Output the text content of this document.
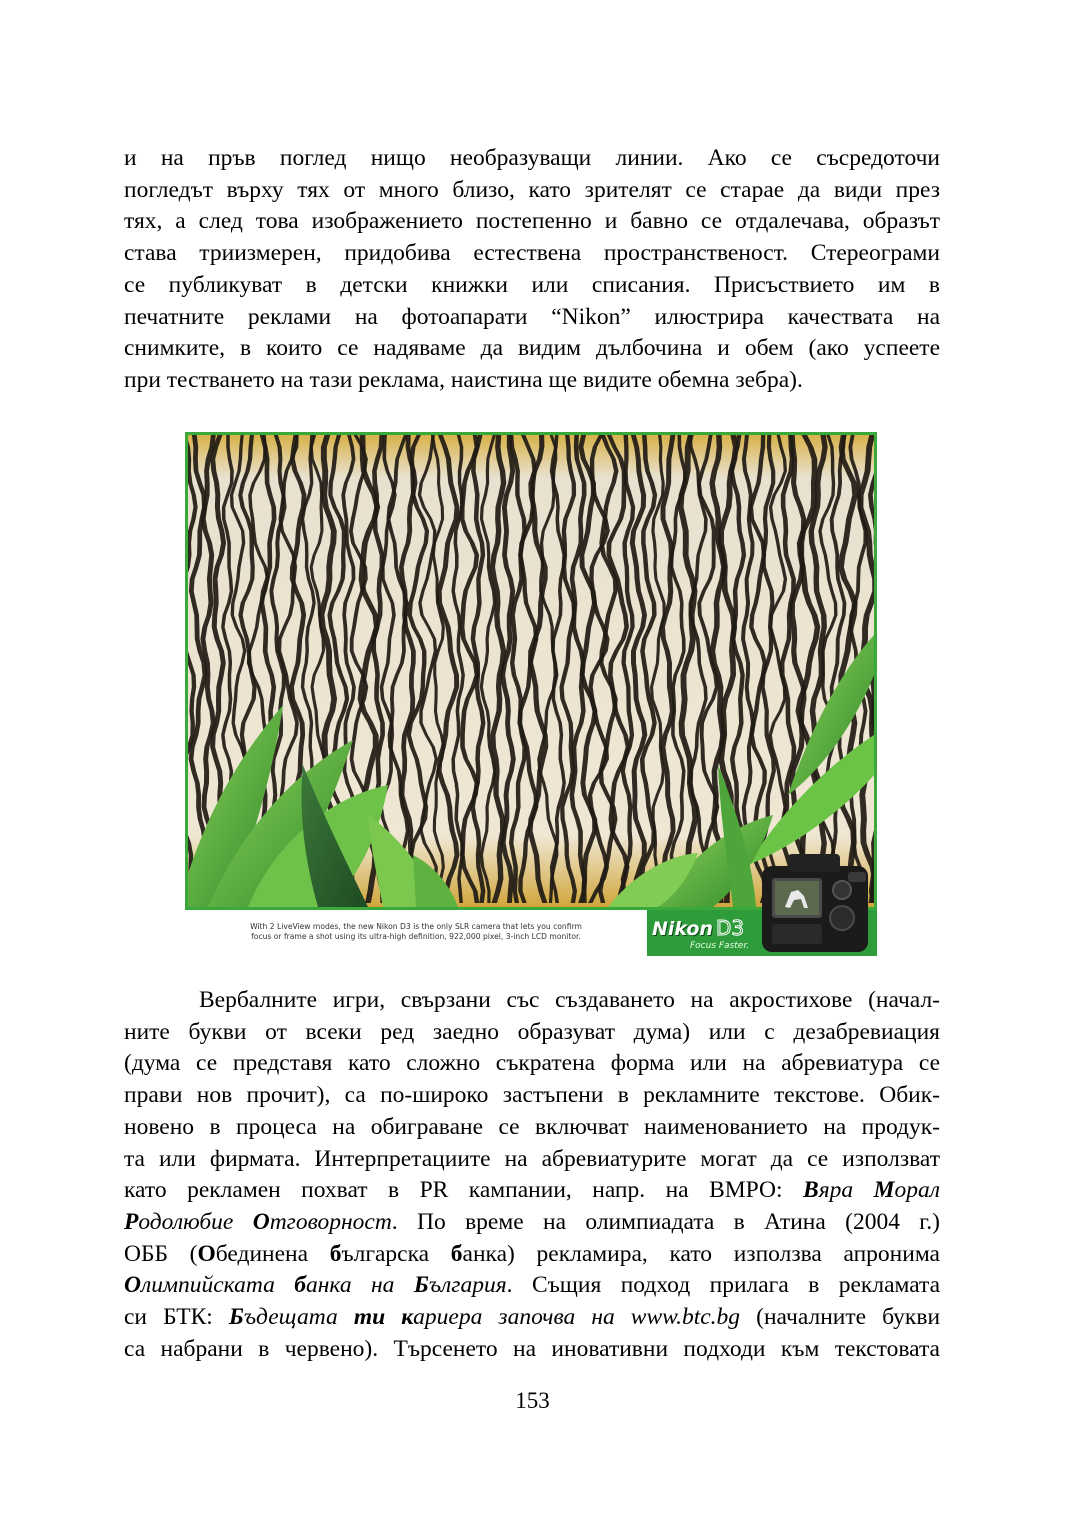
и на пръв поглед нищо необразуващи линии. Ако се съсредоточи
погледът върху тях от много близо, като зрителят се старае да види през
тях, а след това изображението постепенно и бавно се отдалечава, образът
става триизмерен, придобива естествена пространственост. Стереограми
се публикуват в детски книжки или списания. Присъствието им в
печатните реклами на фотоапарати “Nikon” илюстрира качествата на
снимките, в които се надяваме да видим дълбочина и обем (ако успеете
при тестването на тази реклама, наистина ще видите обемна зебра).

With 2 LiveView modes, the new Nikon D3 is the only SLR camera that lets you confirm
focus or frame a shot using its ultra-high definition, 922,000 pixel, 3-inch LCD monitor.	Nikon D3
Focus Faster.

Вербалните игри, свързани със създаването на акростихове (начал-
ните букви от всеки ред заедно образуват дума) или с дезабревиация
(дума се представя като сложно съкратена форма или на абревиатура се
прави нов прочит), са по-широко застъпени в рекламните текстове. Обик-
новено в процеса на обиграване се включват наименованието на продук-
та или фирмата. Интерпретациите на абревиатурите могат да се използват
като рекламен похват в PR кампании, напр. на ВМРО: Вяра Морал
Родолюбие Отговорност. По време на олимпиадата в Атина (2004 г.)
ОББ (Обединена българска банка) рекламира, като използва апронима
Олимпийската банка на България. Същия подход прилага в рекламата
си БТК: Бъдещата ти кариера започва на www.btc.bg (началните букви
са набрани в червено). Търсенето на иновативни подходи към текстовата

153
